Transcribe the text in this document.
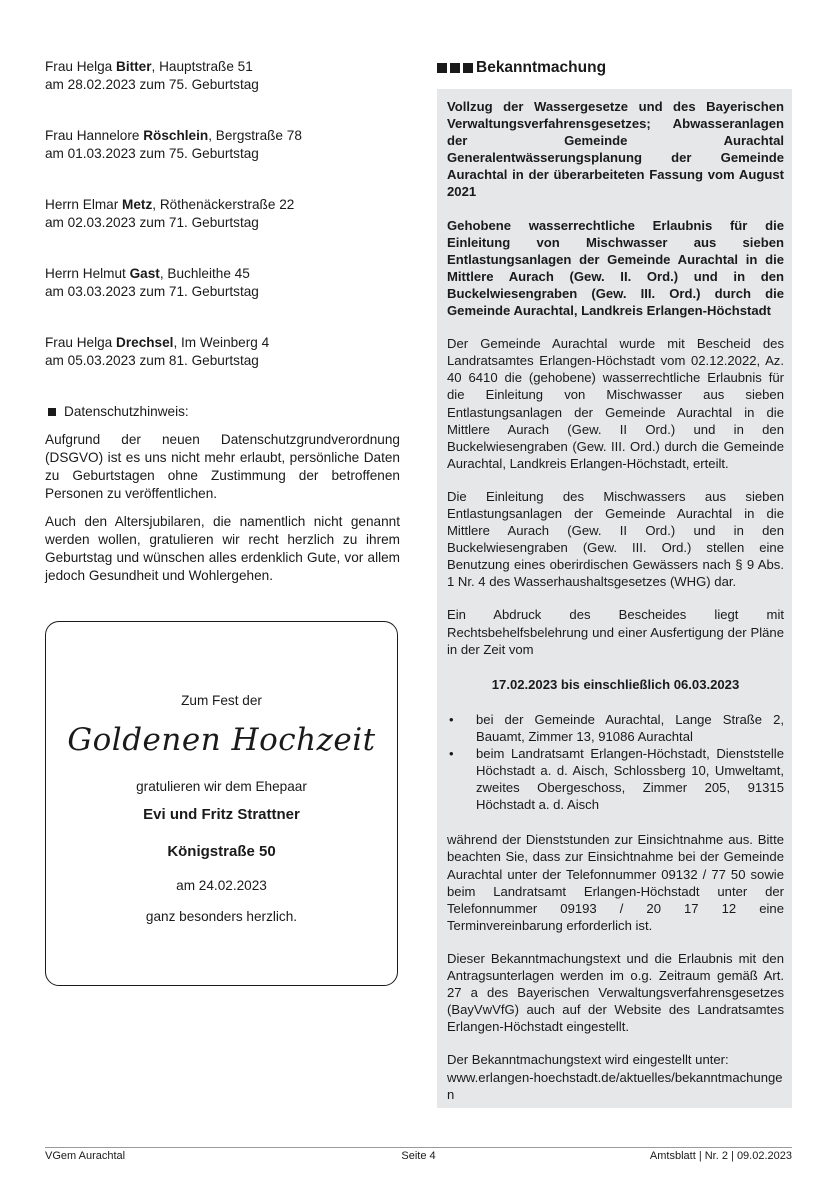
Frau Helga Bitter, Hauptstraße 51

am 28.02.2023 zum 75. Geburtstag

Frau Hannelore Röschlein, Bergstraße 78

am 01.03.2023 zum 75. Geburtstag

Herrn Elmar Metz, Röthenäckerstraße 22

am 02.03.2023 zum 71. Geburtstag

Herrn Helmut Gast, Buchleithe 45

am 03.03.2023 zum 71. Geburtstag

Frau Helga Drechsel, Im Weinberg 4

am 05.03.2023 zum 81. Geburtstag

Datenschutzhinweis:

Aufgrund der neuen Datenschutzgrundverordnung (DSGVO) ist es uns nicht mehr erlaubt, persönliche Daten zu Geburtstagen ohne Zustimmung der betroffenen Personen zu veröffentlichen.

Auch den Altersjubilaren, die namentlich nicht genannt werden wollen, gratulieren wir recht herzlich zu ihrem Geburtstag und wünschen alles erdenklich Gute, vor allem jedoch Gesundheit und Wohlergehen.

Zum Fest der
Goldenen Hochzeit
gratulieren wir dem Ehepaar
Evi und Fritz Strattner
Königstraße 50
am 24.02.2023
ganz besonders herzlich.
Bekanntmachung

Vollzug der Wassergesetze und des Bayerischen Verwaltungsverfahrensgesetzes; Abwasseranlagen der Gemeinde Aurachtal Generalentwässerungsplanung der Gemeinde Aurachtal in der überarbeiteten Fassung vom August 2021

Gehobene wasserrechtliche Erlaubnis für die Einleitung von Mischwasser aus sieben Entlastungsanlagen der Gemeinde Aurachtal in die Mittlere Aurach (Gew. II. Ord.) und in den Buckelwiesengraben (Gew. III. Ord.) durch die Gemeinde Aurachtal, Landkreis Erlangen-Höchstadt

Der Gemeinde Aurachtal wurde mit Bescheid des Landratsamtes Erlangen-Höchstadt vom 02.12.2022, Az. 40 6410 die (gehobene) wasserrechtliche Erlaubnis für die Einleitung von Mischwasser aus sieben Entlastungsanlagen der Gemeinde Aurachtal in die Mittlere Aurach (Gew. II Ord.) und in den Buckelwiesengraben (Gew. III. Ord.) durch die Gemeinde Aurachtal, Landkreis Erlangen-Höchstadt, erteilt.

Die Einleitung des Mischwassers aus sieben Entlastungsanlagen der Gemeinde Aurachtal in die Mittlere Aurach (Gew. II Ord.) und in den Buckelwiesengraben (Gew. III. Ord.) stellen eine Benutzung eines oberirdischen Gewässers nach § 9 Abs. 1 Nr. 4 des Wasserhaushaltsgesetzes (WHG) dar.

Ein Abdruck des Bescheides liegt mit Rechtsbehelfsbelehrung und einer Ausfertigung der Pläne in der Zeit vom

17.02.2023 bis einschließlich 06.03.2023
•	bei der Gemeinde Aurachtal, Lange Straße 2, Bauamt, Zimmer 13, 91086 Aurachtal
•	beim Landratsamt Erlangen-Höchstadt, Dienststelle Höchstadt a. d. Aisch, Schlossberg 10, Umweltamt, zweites Obergeschoss, Zimmer 205, 91315 Höchstadt a. d. Aisch

während der Dienststunden zur Einsichtnahme aus. Bitte beachten Sie, dass zur Einsichtnahme bei der Gemeinde Aurachtal unter der Telefonnummer 09132 / 77 50 sowie beim Landratsamt Erlangen-Höchstadt unter der Telefonnummer 09193 / 20 17 12 eine Terminvereinbarung erforderlich ist.

Dieser Bekanntmachungstext und die Erlaubnis mit den Antragsunterlagen werden im o.g. Zeitraum gemäß Art. 27 a des Bayerischen Verwaltungsverfahrensgesetzes (BayVwVfG) auch auf der Website des Landratsamtes Erlangen-Höchstadt eingestellt.

Der Bekanntmachungstext wird eingestellt unter:
www.erlangen-hoechstadt.de/aktuelles/bekanntmachungen

VGem Aurachtal	Seite 4	Amtsblatt | Nr. 2 | 09.02.2023
